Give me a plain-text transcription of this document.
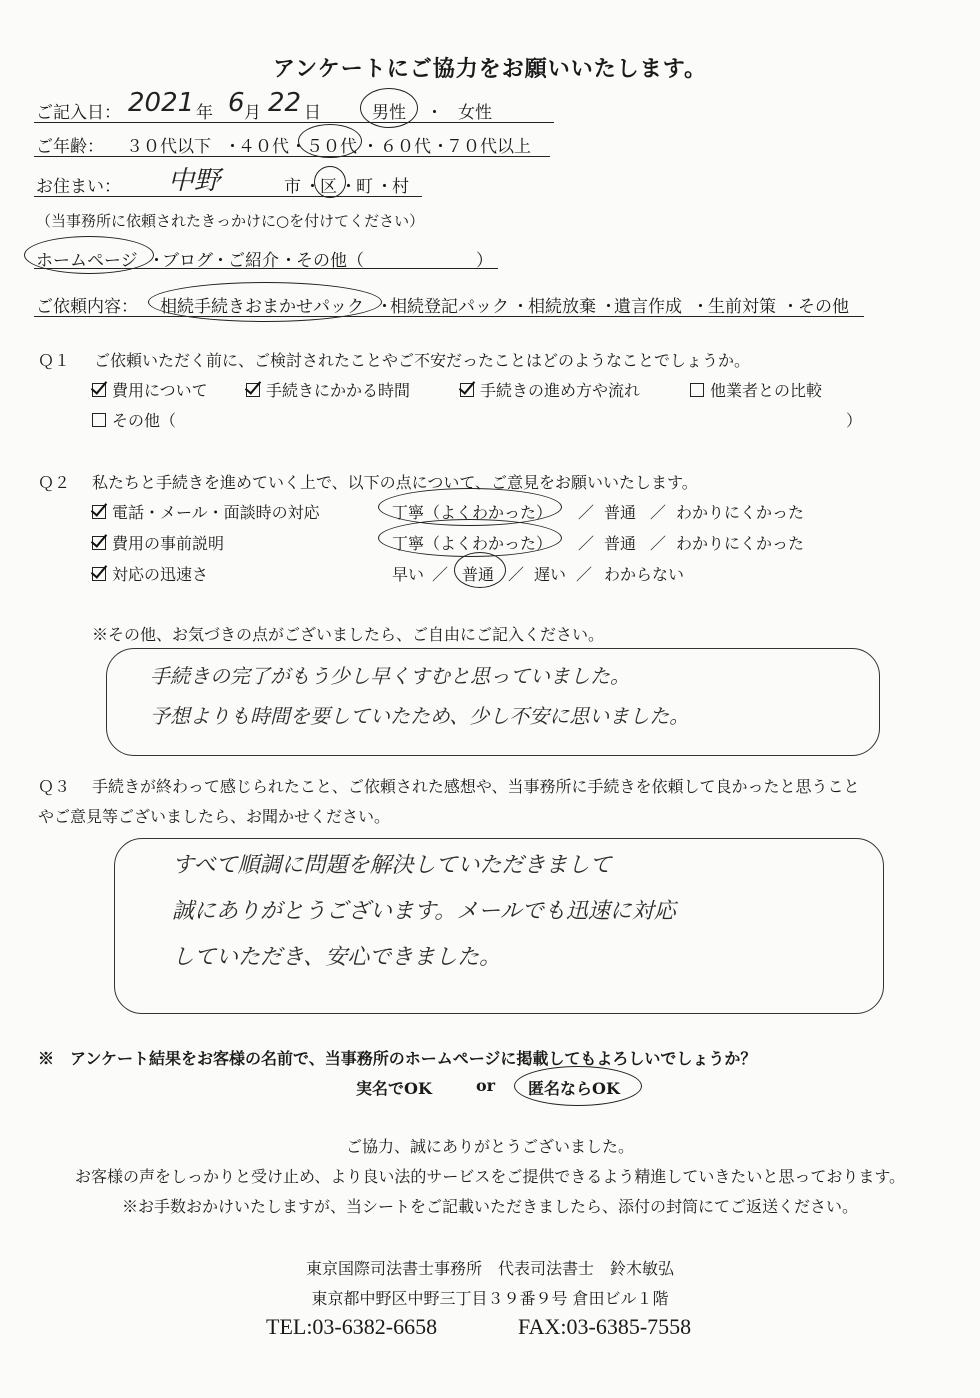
アンケートにご協力をお願いいたします。
ご記入日： 2021 年 6 月 22 日	男性 ・ 女性
ご年齢： ３０代以下 ・
４０代 ・ ５０代 ・ ６０代 ・
７０代以上
お住まい： 中野	市 ・ 区 ・ 町 ・ 村
（当事務所に依頼されたきっかけに○を付けてください）
ホームページ ・
ブログ ・ ご紹介 ・ その他（	）
ご依頼内容： 相続手続きおまかせパック ・
相続登記パック ・ 相続放棄 ・
遺言作成 ・ 生前対策 ・ その他
Ｑ１ ご依頼いただく前に、ご検討されたことやご不安だったことはどのようなことでしょうか。
費用について	手続きにかかる時間	手続きの進め方や流れ	他業者との比較
その他（	）
Ｑ２ 私たちと手続きを進めていく上で、以下の点について、ご意見をお願いいたします。
電話・メール・面談時の対応	丁寧（よくわかった） ／ 普通 ／ わかりにくかった
費用の事前説明	丁寧（よくわかった） ／ 普通 ／ わかりにくかった
対応の迅速さ	早い ／ 普通 ／ 遅い ／ わからない
※その他、お気づきの点がございましたら、ご自由にご記入ください。
手続きの完了がもう少し早くすむと思っていました。
予想よりも時間を要していたため、少し不安に思いました。
Ｑ３ 手続きが終わって感じられたこと、ご依頼された感想や、当事務所に手続きを依頼して良かったと思うこと
やご意見等ございましたら、お聞かせください。
すべて順調に問題を解決していただきまして
誠にありがとうございます。メールでも迅速に対応
していただき、安心できました。
※　アンケート結果をお客様の名前で、当事務所のホームページに掲載してもよろしいでしょうか？
実名でOK	or 匿名ならOK
ご協力、誠にありがとうございました。
お客様の声をしっかりと受け止め、より良い法的サービスをご提供できるよう精進していきたいと思っております。
※お手数おかけいたしますが、当シートをご記載いただきましたら、添付の封筒にてご返送ください。
東京国際司法書士事務所　代表司法書士　鈴木敏弘
東京都中野区中野三丁目３９番９号 倉田ビル１階
TEL:03-6382-6658	FAX:03-6385-7558
